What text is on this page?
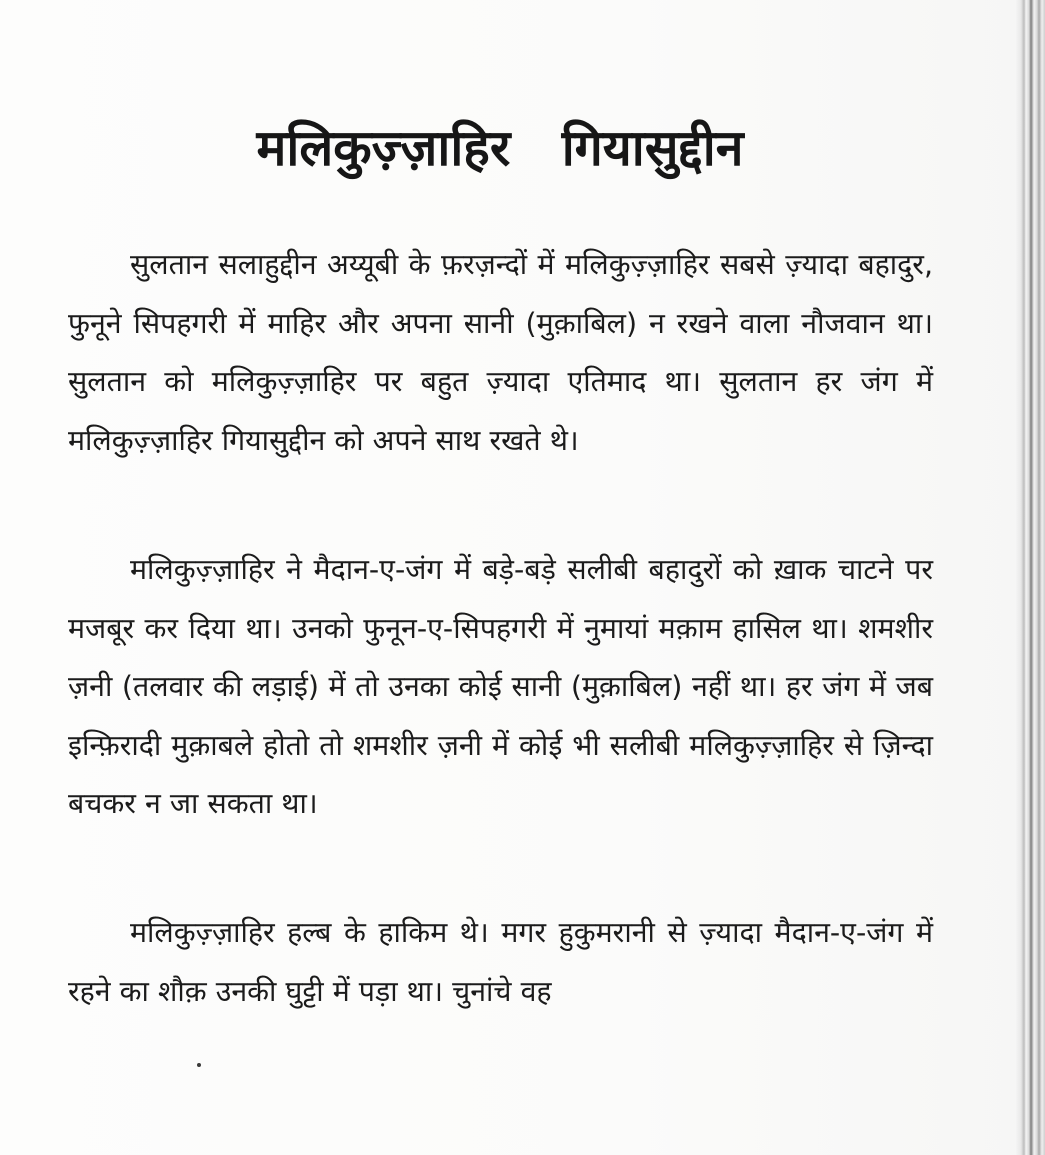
मलिकुज़्ज़ाहिर गियासुद्दीन

सुलतान सलाहुद्दीन अय्यूबी के फ़रज़न्दों में मलिकुज़्ज़ाहिर सबसे ज़्यादा बहादुर, फुनूने सिपहगरी में माहिर और अपना सानी (मुक़ाबिल) न रखने वाला नौजवान था। सुलतान को मलिकुज़्ज़ाहिर पर बहुत ज़्यादा एतिमाद था। सुलतान हर जंग में मलिकुज़्ज़ाहिर गियासुद्दीन को अपने साथ रखते थे।

मलिकुज़्ज़ाहिर ने मैदान-ए-जंग में बड़े-बड़े सलीबी बहादुरों को ख़ाक चाटने पर मजबूर कर दिया था। उनको फुनून-ए-सिपहगरी में नुमायां मक़ाम हासिल था। शमशीर ज़नी (तलवार की लड़ाई) में तो उनका कोई सानी (मुक़ाबिल) नहीं था। हर जंग में जब इन्फ़िरादी मुक़ाबले होतो तो शमशीर ज़नी में कोई भी सलीबी मलिकुज़्ज़ाहिर से ज़िन्दा बचकर न जा सकता था।

मलिकुज़्ज़ाहिर हल्ब के हाकिम थे। मगर हुकुमरानी से ज़्यादा मैदान-ए-जंग में रहने का शौक़ उनकी घुट्टी में पड़ा था। चुनांचे वह
